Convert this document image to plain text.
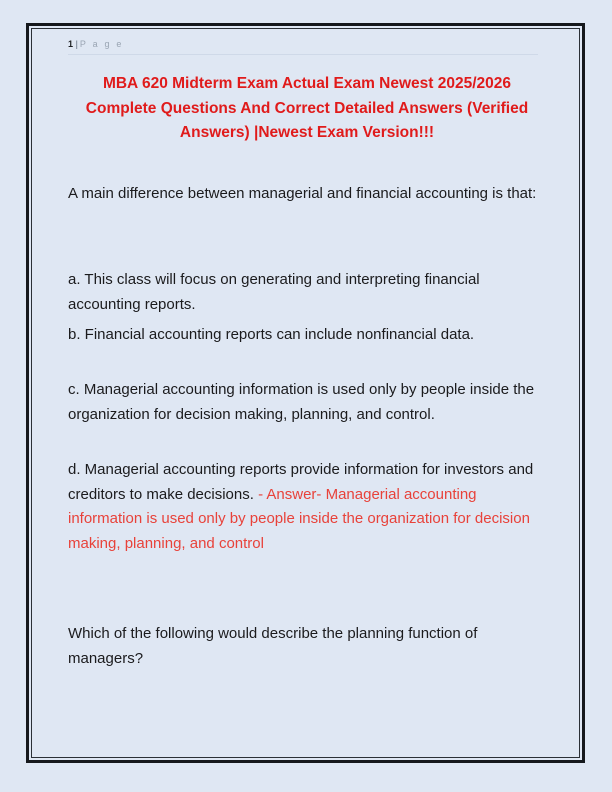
1 | P a g e
MBA 620 Midterm Exam Actual Exam Newest 2025/2026 Complete Questions And Correct Detailed Answers (Verified Answers) |Newest Exam Version!!!
A main difference between managerial and financial accounting is that:
a. This class will focus on generating and interpreting financial accounting reports.
b. Financial accounting reports can include nonfinancial data.
c. Managerial accounting information is used only by people inside the organization for decision making, planning, and control.
d. Managerial accounting reports provide information for investors and creditors to make decisions. - Answer- Managerial accounting information is used only by people inside the organization for decision making, planning, and control
Which of the following would describe the planning function of managers?
